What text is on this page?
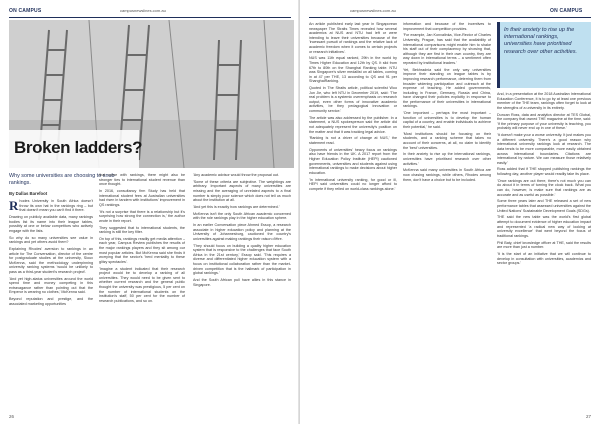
ON CAMPUS	campusnewslines.com.au
Broken ladders?
Why some universities are choosing to snub rankings.
By Dallas Barefoot
R hodes University in South Africa doesn't throw its own hat in the rankings ring – but that doesn't mean you can't find it there.

Drawing on publicly available data, many rankings bodies list its name into their league tables, possibly at one or below competitors who actively engage with the lists.

So why do so many universities see value in rankings and yet others avoid them?

Explaining Rhodes' aversion to rankings in an article for The Conversation, director of the centre for postgraduate studies at the university, Sioux McKenna, said the methodology underpinning university ranking systems 'would be unlikely to pass as a third-year student's research project'.

'And yet high-status universities around the world spend time and money competing in this extravagance rather than pointing out that the Emperor is wearing no clothes,' McKenna said.

Beyond reputation and prestige, and the associated marketing opportunities

that come with rankings, there might also be stronger ties to international student revenue than once thought.

In 2016, consultancy firm Study has held that international student fees at Australian universities had risen in tandem with institutions' improvement in QS rankings.

'It's not a surprise that there is a relationship but it's surprising how strong the connection is,' the author wrote in their report.

They suggested that to international students, the ranking is still the key filter.

On top of this, rankings readily get media attention – each year, Campus Review publishes the results of the major rankings players and they sit among our most popular articles. But McKenna said she finds it worrying that the sector's 'herd mentality to these glitzy spectacles'.

'Imagine a student indicated that their research project would be to develop a ranking of all universities. They would need to be given sent to whether current research and the general public thought the university was prestigious, 5 per cent on the number of international students on the institution's staff, 50 per cent for the number of research publications, and so on.

'Any academic advisor would throw the proposal out.

'Some of these criteria are subjective. The weightings are arbitrary. Important aspects of many universities are missing and the averaging of unrelated aspects to a final number is simply poor science which does not tell us much about the institution at all.

'And yet this is exactly how rankings are determined.'

McKenna isn't the only South African academic concerned with the role rankings play in the higher education sphere.

In an earlier Conversation piece Ahmed Essop, a research associate in higher education policy and planning at the University of Johannesburg, cautioned the country's universities against making rankings their raison d'être.

'They should focus on building a quality higher education system that is responsive to the challenges that face South Africa in the 21st century,' Essop said. 'This requires a diverse and differentiated higher education system with a focus on institutional collaboration rather than the market-driven competition that is the hallmark of participation in global rankings.'

And the South African pull have allies in this stance in Singapore.

26
campusnewslines.com.au	ON CAMPUS

An article published early last year in Singaporean newspaper The Straits Times revealed how several academics at NUS and NTU had left or were intending to leave their universities because of the 'incessant pursuit of rankings and the relative lack of academic freedom when it comes to certain projects or research initiatives'.

NUS was 11th equal ranked, 29th in the world by Times Higher Education and 12th by QS. It slid from 67th to 80th on the Shanghai Ranking table. NTU was Singapore's silver medallist on all tables, coming in at 47 per THE, 13 according to QS and 91 per ShanghaiRanking.

Quoted in The Straits article, political scientist Woo Jun Jie, who left NTU in December 2019, said: 'The real problem is a systemic overemphasis on research output, even other forms of innovative academic activities, be they pedagogical innovation or community service.'

The article was also addressed by the publisher. In a statement, a NUS spokesperson said the article did not adequately represent the university's position on the matter and that it was tracking legal advice.

'Ranking is not a driver of change at NUS,' the statement read.

Opponents of universities' heavy focus on rankings also have friends in the UK. A 2017 report from the Higher Education Policy Institute (HEPI) cautioned governments, universities and students against using international rankings to make decisions about higher education.

'In international university ranking, for good or ill, HEPI said universities could no longer afford to compete if they relied on world-class rankings alone.'

information and because of the incentives to improvement that competition provides.

'For example, Jan Konvalinka, Vice-Rector of Charles University, Prague, has said that the availability of international comparisons might enable him to shake his staff out of their complacency by showing that, although they are first in their own country, they are way down in international terms – a sentiment often repeated by institutional leaders.'

Yet, Bekhradnia said the only way universities improve their standing on league tables is by improving research performance, deterring them from broader widening participation and outreach at the expense of teaching. He added governments, including in France, Germany, Russia and China, have changed their policies explicitly in response to the performance of their universities in international rankings.

'One important – perhaps the most important – function of universities is to develop the human capital of a country, and enable individuals to achieve their potential,' he said.

'Most institutions should be focusing on their students, and a ranking scheme that takes no account of their concerns, at all, no claim to identify the 'best' universities.

In their anxiety to rise up the international rankings, universities have prioritised research over other activities.'

McKenna said many universities in South Africa are now chasing rankings, while others, Rhodes among them, don't have a choice but to be included.

In their anxiety to rise up the international rankings, universities have prioritised research over other activities.

And, in a presentation at the 2018 Australian International Education Conference, it is to go by at least one previous member of the THE team, rankings often forget to look at the strengths of a university in its entirety.

Duncan Ross, data and analytics director at TES Global, the company that owned THE magazine at the time, said: 'If the primary purpose of your university is teaching, you probably will never end up in one of these.'

'It doesn't make your a worse university. It just makes you a different university. There's a good reason why international university rankings look at research. The data tends to be more comparable, more easily obtained across international boundaries. Citations are international by nature. We can measure those relatively easily.'

Ross added that if THE stopped publishing rankings the following day, another player would readily take its place.

'Once rankings are out there, there's not much you can do about it in terms of turning the clock back. What you can do, however, is make sure that rankings are as accurate and as useful as possible.'

Some three years later and THE released a set of new performance tables that assessed universities against the United Nations' Sustainable Development Goals (SDGs).

THE said the new table was the world's first global attempt to document evidence of higher education impact and represented 'a radical new way of looking at university excellence' that went beyond the focus of traditional rankings.

Phil Baty, chief knowledge officer at THE, said the results are more than just a number.

'It is the start of an initiative that we will continue to develop in consultation with universities, academics and sector groups.'

27
